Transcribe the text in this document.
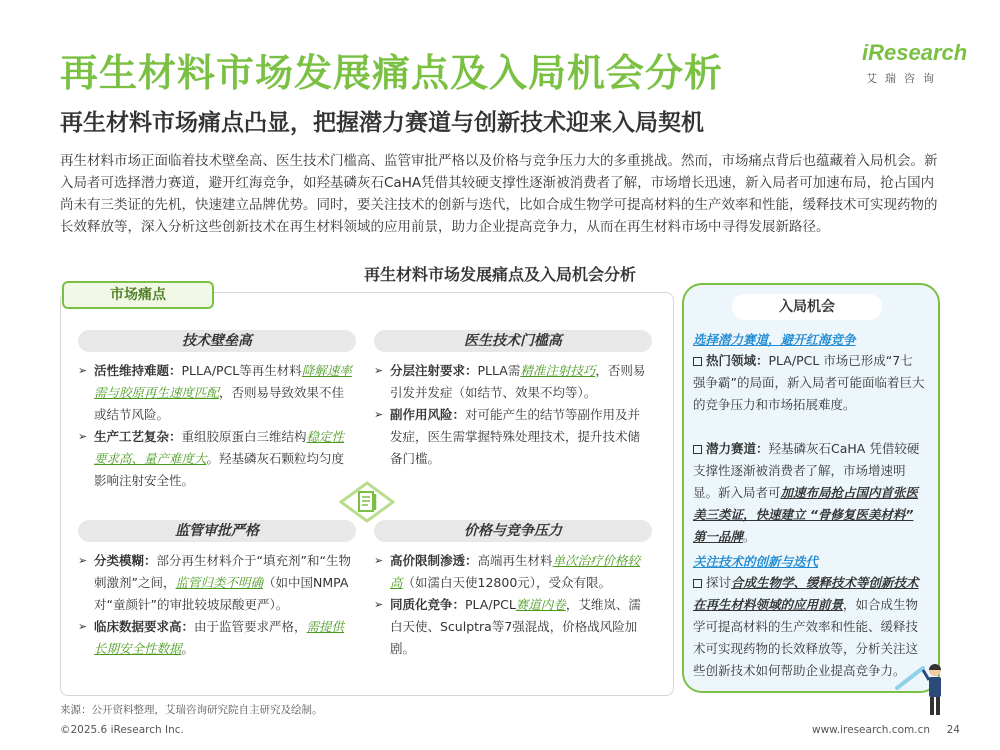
再生材料市场发展痛点及入局机会分析
再生材料市场痛点凸显，把握潜力赛道与创新技术迎来入局契机
iResearch
艾瑞咨询

再生材料市场正面临着技术壁垒高、医生技术门槛高、监管审批严格以及价格与竞争压力大的多重挑战。然而，市场痛点背后也蕴藏着入局机会。新入局者可选择潜力赛道，避开红海竞争，如羟基磷灰石CaHA凭借其较硬支撑性逐渐被消费者了解，市场增长迅速，新入局者可加速布局，抢占国内尚未有三类证的先机，快速建立品牌优势。同时，要关注技术的创新与迭代，比如合成生物学可提高材料的生产效率和性能，缓释技术可实现药物的长效释放等，深入分析这些创新技术在再生材料领域的应用前景，助力企业提高竞争力，从而在再生材料市场中寻得发展新路径。

再生材料市场发展痛点及入局机会分析
市场痛点
技术壁垒高

➢ 活性维持难题：PLLA/PCL等再生材料降解速率需与胶原再生速度匹配，否则易导致效果不佳或结节风险。

➢ 生产工艺复杂：重组胶原蛋白三维结构稳定性要求高、量产难度大。羟基磷灰石颗粒均匀度影响注射安全性。

医生技术门槛高

➢ 分层注射要求：PLLA需精准注射技巧，否则易引发并发症（如结节、效果不均等）。

➢ 副作用风险：对可能产生的结节等副作用及并发症，医生需掌握特殊处理技术，提升技术储备门槛。

监管审批严格

➢ 分类模糊：部分再生材料介于“填充剂”和“生物刺激剂”之间，监管归类不明确（如中国NMPA对“童颜针”的审批较坡尿酸更严）。

➢ 临床数据要求高：由于监管要求严格，需提供长期安全性数据。

价格与竞争压力

➢ 高价限制渗透：高端再生材料单次治疗价格较高（如濡白天使12800元），受众有限。

➢ 同质化竞争：PLA/PCL赛道内卷，艾维岚、濡白天使、Sculptra等7强混战，价格战风险加剧。

入局机会
选择潜力赛道，避开红海竞争

热门领域：PLA/PCL 市场已形成“7七强争霸”的局面，新入局者可能面临着巨大的竞争压力和市场拓展难度。

潜力赛道：羟基磷灰石CaHA 凭借较硬支撑性逐渐被消费者了解，市场增速明显。新入局者可加速布局抢占国内首张医美三类证，快速建立 “骨修复医美材料” 第一品牌。

关注技术的创新与迭代

探讨合成生物学、缓释技术等创新技术在再生材料领域的应用前景，如合成生物学可提高材料的生产效率和性能、缓释技术可实现药物的长效释放等，分析关注这些创新技术如何帮助企业提高竞争力。

来源：公开资料整理，艾瑞咨询研究院自主研究及绘制。
©2025.6 iResearch Inc.	www.iresearch.com.cn 24
